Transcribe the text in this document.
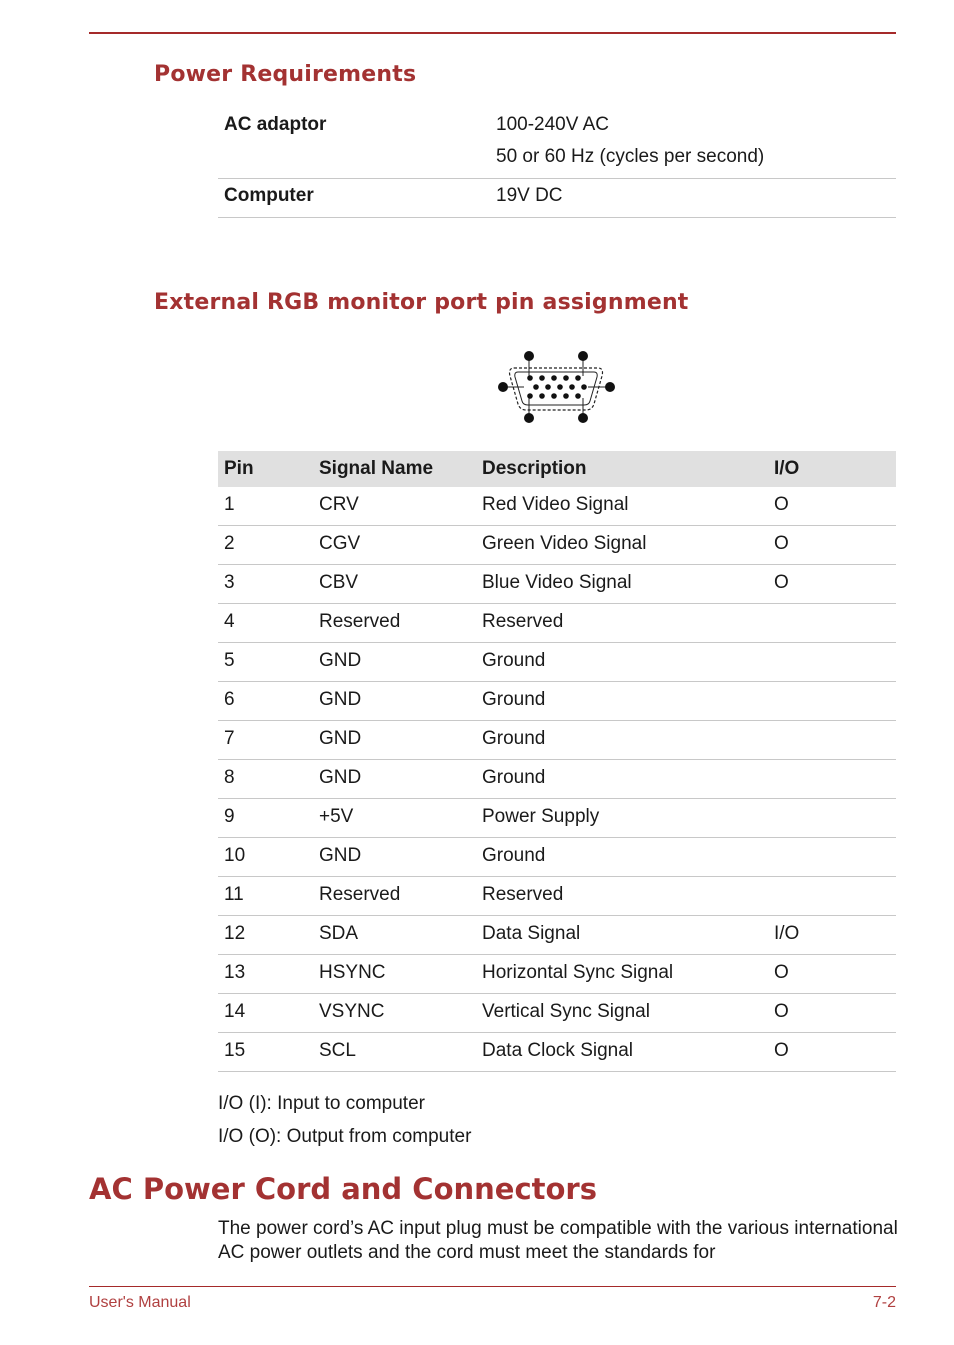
Power Requirements
AC adaptor	100-240V AC
50 or 60 Hz (cycles per second)
Computer	19V DC
External RGB monitor port pin assignment
Pin	Signal Name	Description	I/O
1	CRV	Red Video Signal	O
2	CGV	Green Video Signal	O
3	CBV	Blue Video Signal	O
4	Reserved	Reserved
5	GND	Ground
6	GND	Ground
7	GND	Ground
8	GND	Ground
9	+5V	Power Supply
10	GND	Ground
11	Reserved	Reserved
12	SDA	Data Signal	I/O
13	HSYNC	Horizontal Sync Signal	O
14	VSYNC	Vertical Sync Signal	O
15	SCL	Data Clock Signal	O
I/O (I): Input to computer
I/O (O): Output from computer
AC Power Cord and Connectors

The power cord’s AC input plug must be compatible with the various international AC power outlets and the cord must meet the standards for

User's Manual	7-2
